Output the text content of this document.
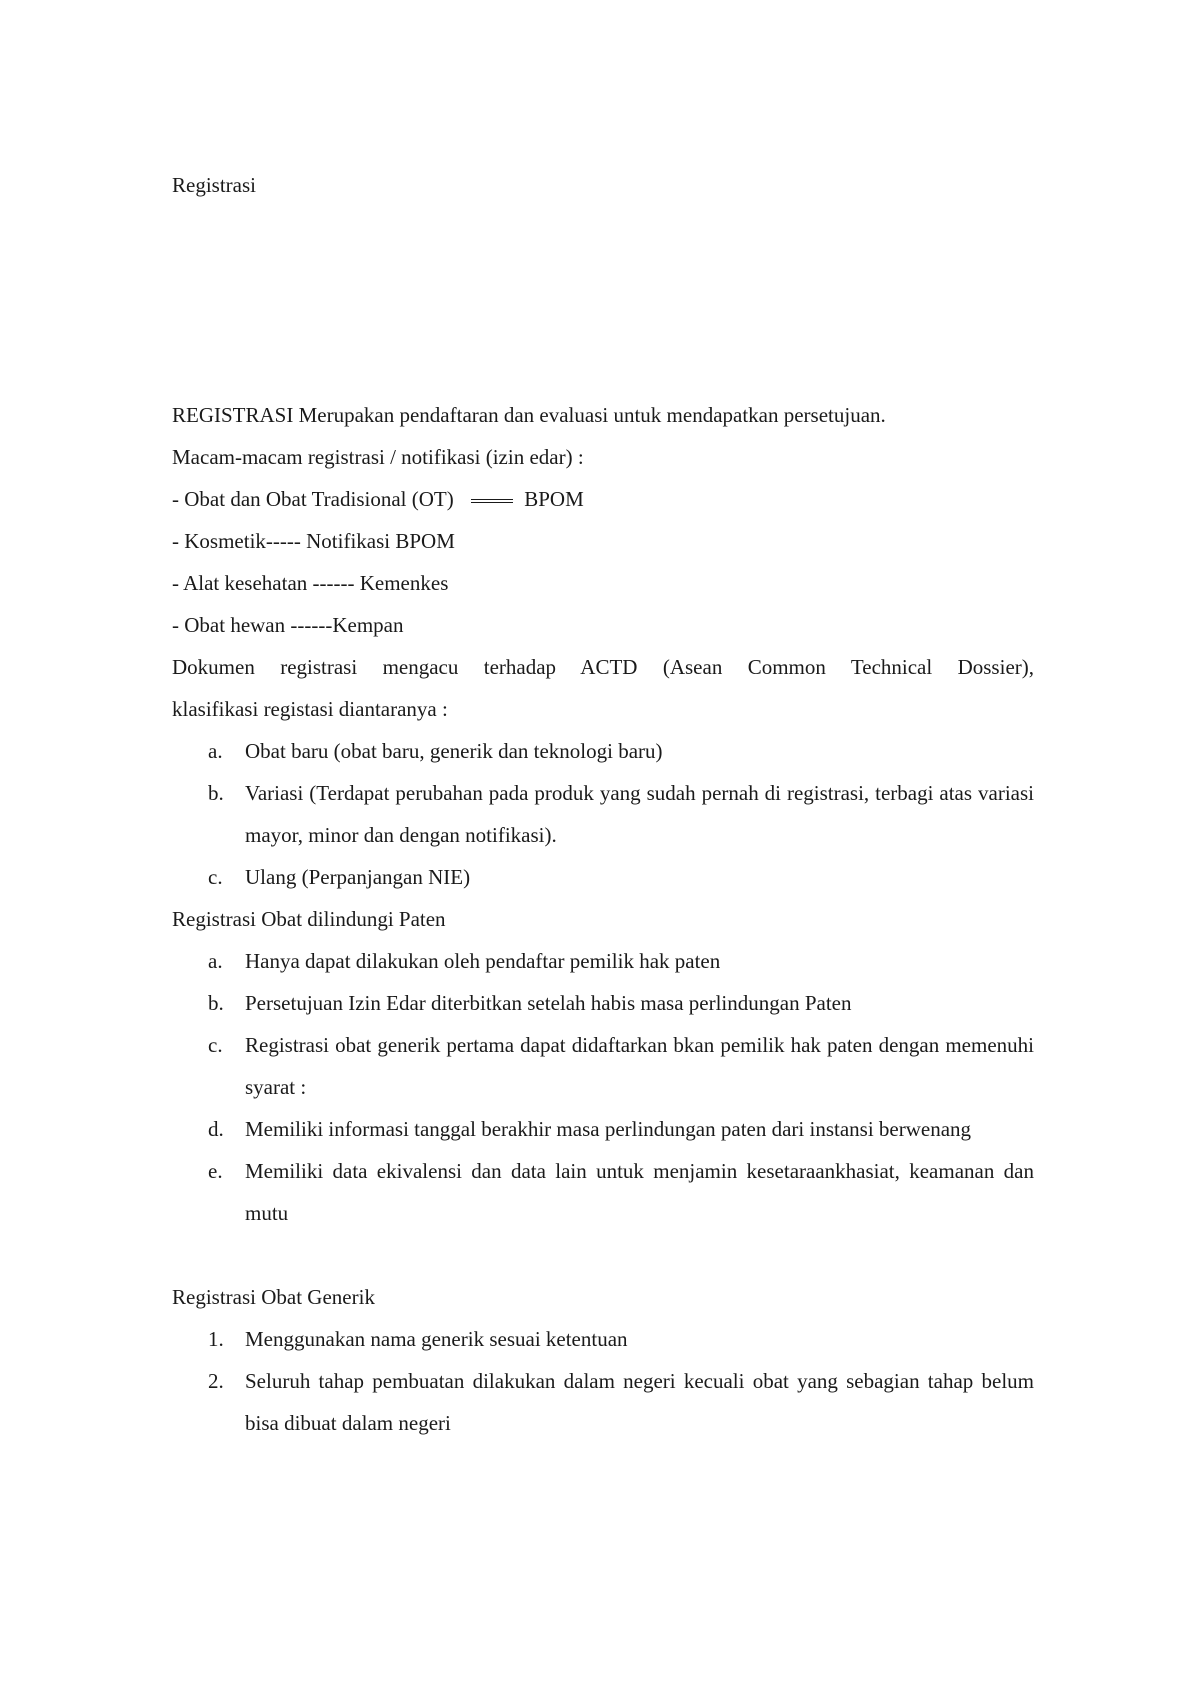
Registrasi
REGISTRASI Merupakan pendaftaran dan evaluasi untuk mendapatkan persetujuan.
Macam-macam registrasi / notifikasi (izin edar) :
- Obat dan Obat Tradisional (OT)	BPOM
- Kosmetik----- Notifikasi BPOM
- Alat kesehatan ------ Kemenkes
- Obat hewan ------Kempan
Dokumen registrasi mengacu terhadap ACTD (Asean Common Technical Dossier),
klasifikasi registasi diantaranya :
a. Obat baru (obat baru, generik dan teknologi baru)
b. Variasi (Terdapat perubahan pada produk yang sudah pernah di registrasi, terbagi atas variasi mayor, minor dan dengan notifikasi).
c. Ulang (Perpanjangan NIE)
Registrasi Obat dilindungi Paten
a. Hanya dapat dilakukan oleh pendaftar pemilik hak paten
b. Persetujuan Izin Edar diterbitkan setelah habis masa perlindungan Paten
c. Registrasi obat generik pertama dapat didaftarkan bkan pemilik hak paten dengan memenuhi syarat :
d. Memiliki informasi tanggal berakhir masa perlindungan paten dari instansi berwenang
e. Memiliki data ekivalensi dan data lain untuk menjamin kesetaraankhasiat, keamanan dan mutu
Registrasi Obat Generik
1. Menggunakan nama generik sesuai ketentuan
2. Seluruh tahap pembuatan dilakukan dalam negeri kecuali obat yang sebagian tahap belum bisa dibuat dalam negeri
